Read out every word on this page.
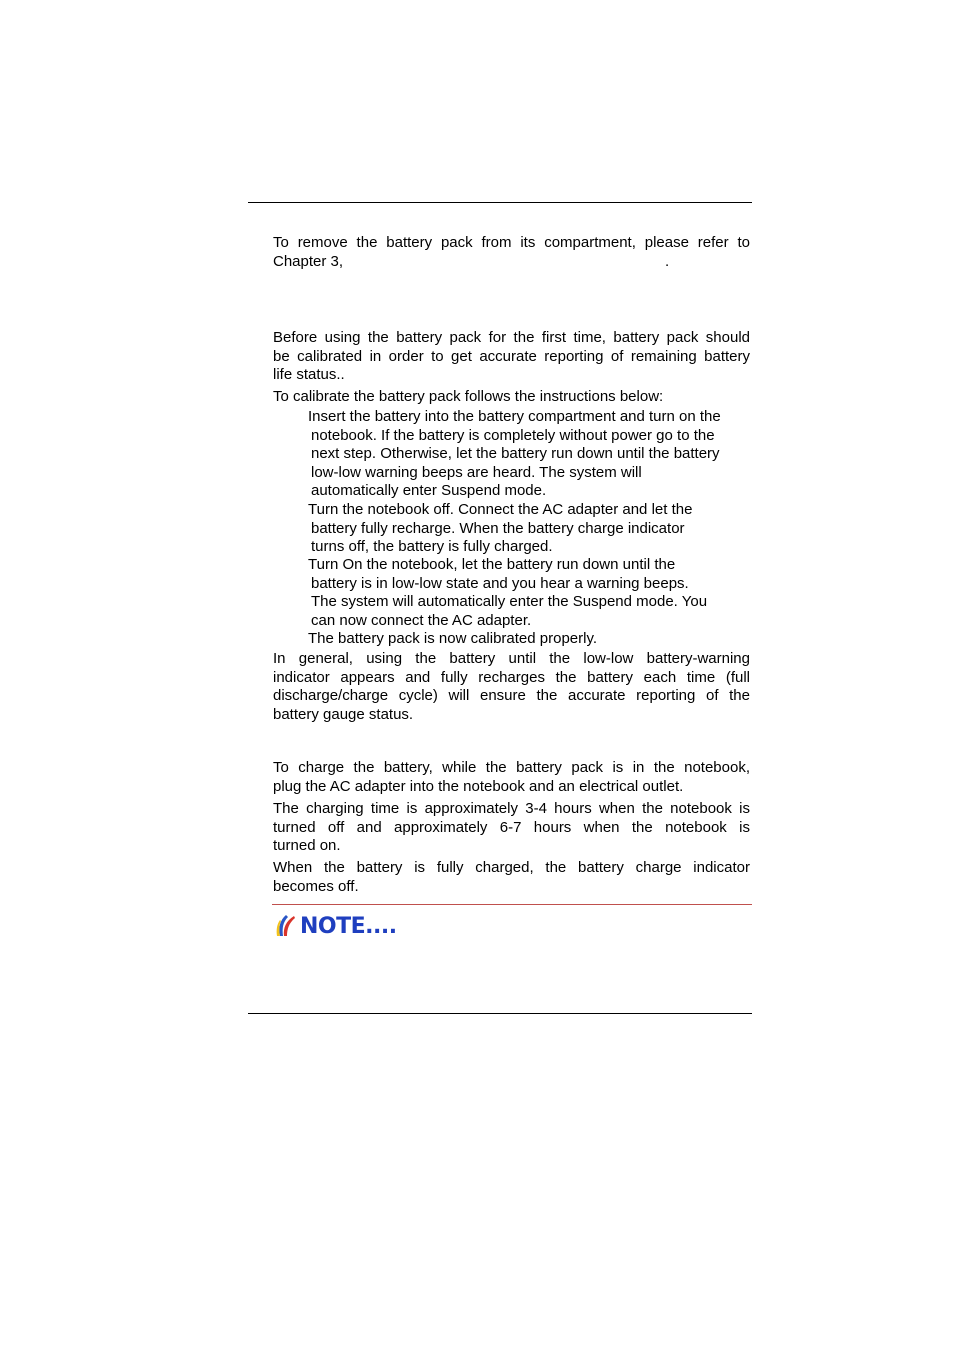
To remove the battery pack from its compartment, please refer to
Chapter 3,	.
Before using the battery pack for the first time, battery pack should
be calibrated in order to get accurate reporting of remaining battery
life status..
To calibrate the battery pack follows the instructions below:
Insert the battery into the battery compartment and turn on the
notebook. If the battery is completely without power go to the
next step. Otherwise, let the battery run down until the battery
low-low warning beeps are heard. The system will
automatically enter Suspend mode.
Turn the notebook off. Connect the AC adapter and let the
battery fully recharge. When the battery charge indicator
turns off, the battery is fully charged.
Turn On the notebook, let the battery run down until the
battery is in low-low state and you hear a warning beeps.
The system will automatically enter the Suspend mode. You
can now connect the AC adapter.
The battery pack is now calibrated properly.
In general, using the battery until the low-low battery-warning
indicator appears and fully recharges the battery each time (full
discharge/charge cycle) will ensure the accurate reporting of the
battery gauge status.
To charge the battery, while the battery pack is in the notebook,
plug the AC adapter into the notebook and an electrical outlet.
The charging time is approximately 3-4 hours when the notebook is
turned off and approximately 6-7 hours when the notebook is
turned on.
When the battery is fully charged, the battery charge indicator
becomes off.
NOTE....
